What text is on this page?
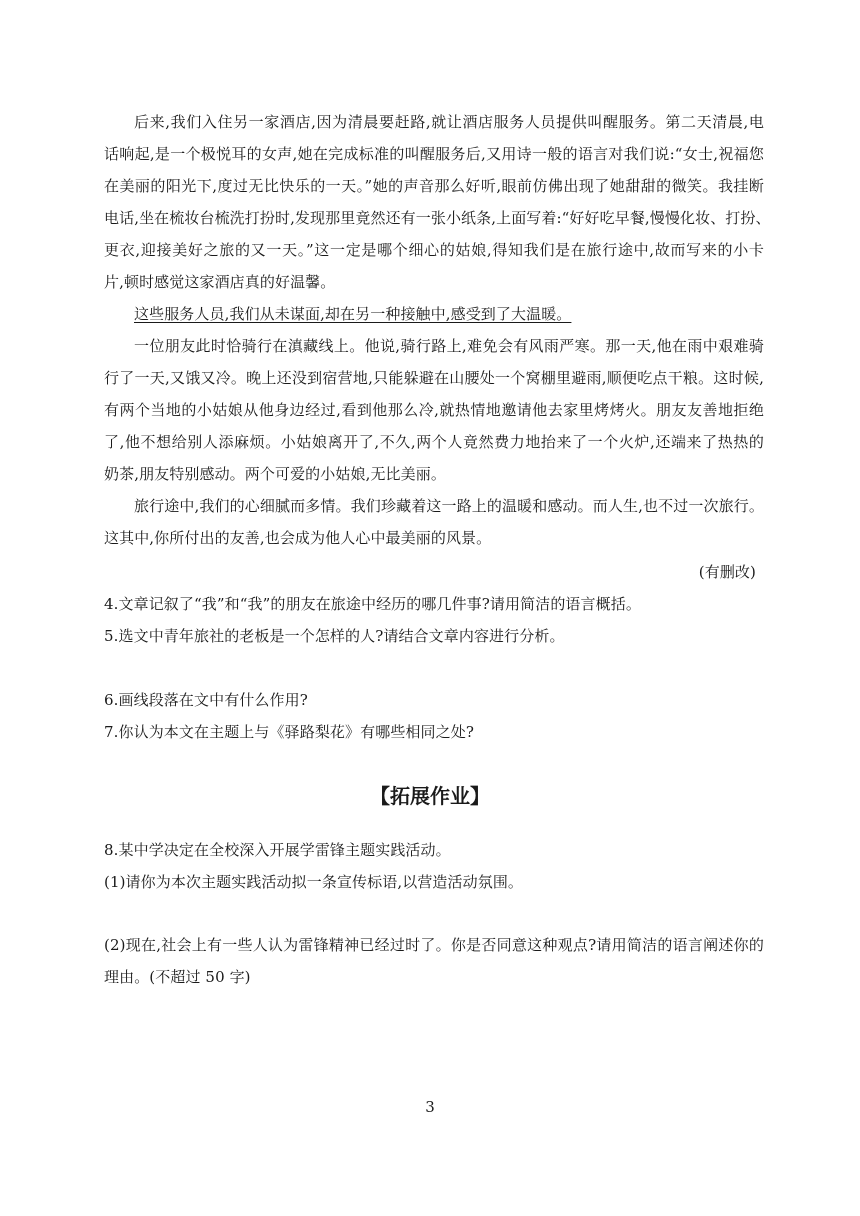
后来,我们入住另一家酒店,因为清晨要赶路,就让酒店服务人员提供叫醒服务。第二天清晨,电
话响起,是一个极悦耳的女声,她在完成标准的叫醒服务后,又用诗一般的语言对我们说:“女士,祝福您
在美丽的阳光下,度过无比快乐的一天。”她的声音那么好听,眼前仿佛出现了她甜甜的微笑。我挂断
电话,坐在梳妆台梳洗打扮时,发现那里竟然还有一张小纸条,上面写着:“好好吃早餐,慢慢化妆、打扮、
更衣,迎接美好之旅的又一天。”这一定是哪个细心的姑娘,得知我们是在旅行途中,故而写来的小卡
片,顿时感觉这家酒店真的好温馨。
这些服务人员,我们从未谋面,却在另一种接触中,感受到了大温暖。
一位朋友此时恰骑行在滇藏线上。他说,骑行路上,难免会有风雨严寒。那一天,他在雨中艰难骑
行了一天,又饿又冷。晚上还没到宿营地,只能躲避在山腰处一个窝棚里避雨,顺便吃点干粮。这时候,
有两个当地的小姑娘从他身边经过,看到他那么冷,就热情地邀请他去家里烤烤火。朋友友善地拒绝
了,他不想给别人添麻烦。小姑娘离开了,不久,两个人竟然费力地抬来了一个火炉,还端来了热热的
奶茶,朋友特别感动。两个可爱的小姑娘,无比美丽。
旅行途中,我们的心细腻而多情。我们珍藏着这一路上的温暖和感动。而人生,也不过一次旅行。
这其中,你所付出的友善,也会成为他人心中最美丽的风景。
(有删改)
4.文章记叙了“我”和“我”的朋友在旅途中经历的哪几件事?请用简洁的语言概括。
5.选文中青年旅社的老板是一个怎样的人?请结合文章内容进行分析。
6.画线段落在文中有什么作用?
7.你认为本文在主题上与《驿路梨花》有哪些相同之处?
【拓展作业】
8.某中学决定在全校深入开展学雷锋主题实践活动。
(1)请你为本次主题实践活动拟一条宣传标语,以营造活动氛围。
(2)现在,社会上有一些人认为雷锋精神已经过时了。你是否同意这种观点?请用简洁的语言阐述你的
理由。(不超过 50 字)
3
